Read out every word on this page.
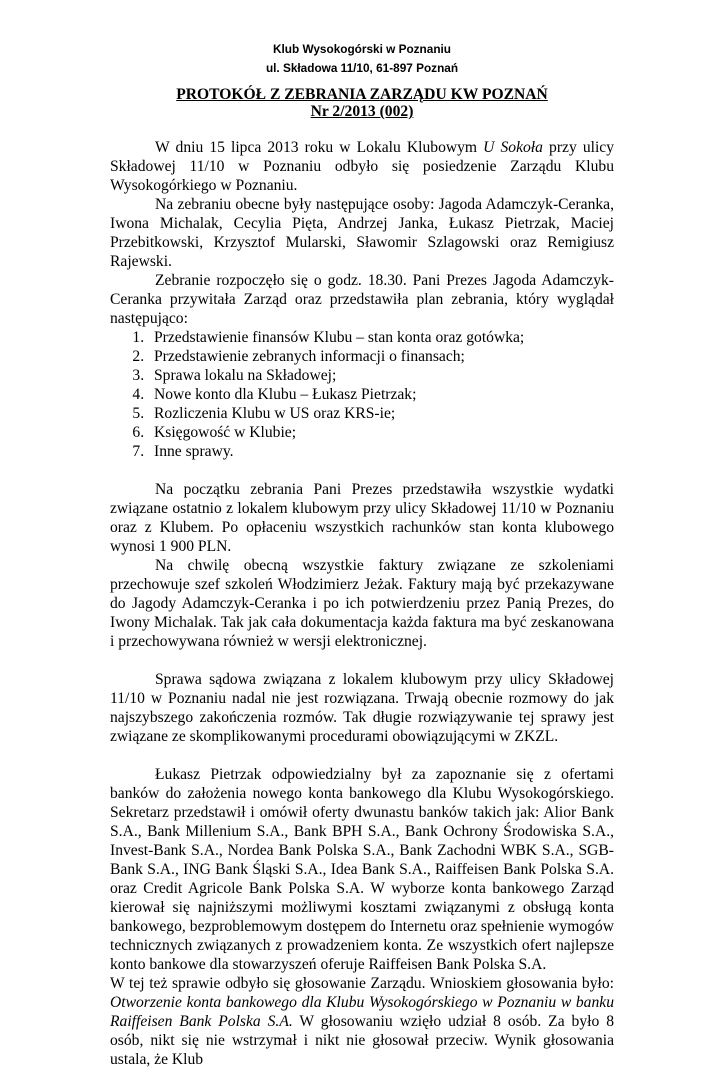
Klub Wysokogórski w Poznaniu
ul. Składowa 11/10, 61-897 Poznań
PROTOKÓŁ Z ZEBRANIA ZARZĄDU KW POZNAŃ
Nr 2/2013 (002)

W dniu 15 lipca 2013 roku w Lokalu Klubowym U Sokoła przy ulicy Składowej 11/10 w Poznaniu odbyło się posiedzenie Zarządu Klubu Wysokogórkiego w Poznaniu.

Na zebraniu obecne były następujące osoby: Jagoda Adamczyk-Ceranka, Iwona Michalak, Cecylia Pięta, Andrzej Janka, Łukasz Pietrzak, Maciej Przebitkowski, Krzysztof Mularski, Sławomir Szlagowski oraz Remigiusz Rajewski.

Zebranie rozpoczęło się o godz. 18.30. Pani Prezes Jagoda Adamczyk-Ceranka przywitała Zarząd oraz przedstawiła plan zebrania, który wyglądał następująco:

1. Przedstawienie finansów Klubu – stan konta oraz gotówka;
2. Przedstawienie zebranych informacji o finansach;
3. Sprawa lokalu na Składowej;
4. Nowe konto dla Klubu – Łukasz Pietrzak;
5. Rozliczenia Klubu w US oraz KRS-ie;
6. Księgowość w Klubie;
7. Inne sprawy.

Na początku zebrania Pani Prezes przedstawiła wszystkie wydatki związane ostatnio z lokalem klubowym przy ulicy Składowej 11/10 w Poznaniu oraz z Klubem. Po opłaceniu wszystkich rachunków stan konta klubowego wynosi 1 900 PLN.

Na chwilę obecną wszystkie faktury związane ze szkoleniami przechowuje szef szkoleń Włodzimierz Jeżak. Faktury mają być przekazywane do Jagody Adamczyk-Ceranka i po ich potwierdzeniu przez Panią Prezes, do Iwony Michalak. Tak jak cała dokumentacja każda faktura ma być zeskanowana i przechowywana również w wersji elektronicznej.

Sprawa sądowa związana z lokalem klubowym przy ulicy Składowej 11/10 w Poznaniu nadal nie jest rozwiązana. Trwają obecnie rozmowy do jak najszybszego zakończenia rozmów. Tak długie rozwiązywanie tej sprawy jest związane ze skomplikowanymi procedurami obowiązującymi w ZKZL.

Łukasz Pietrzak odpowiedzialny był za zapoznanie się z ofertami banków do założenia nowego konta bankowego dla Klubu Wysokogórskiego. Sekretarz przedstawił i omówił oferty dwunastu banków takich jak: Alior Bank S.A., Bank Millenium S.A., Bank BPH S.A., Bank Ochrony Środowiska S.A., Invest-Bank S.A., Nordea Bank Polska S.A., Bank Zachodni WBK S.A., SGB-Bank S.A., ING Bank Śląski S.A., Idea Bank S.A., Raiffeisen Bank Polska S.A. oraz Credit Agricole Bank Polska S.A. W wyborze konta bankowego Zarząd kierował się najniższymi możliwymi kosztami związanymi z obsługą konta bankowego, bezproblemowym dostępem do Internetu oraz spełnienie wymogów technicznych związanych z prowadzeniem konta. Ze wszystkich ofert najlepsze konto bankowe dla stowarzyszeń oferuje Raiffeisen Bank Polska S.A.

W tej też sprawie odbyło się głosowanie Zarządu. Wnioskiem głosowania było: Otworzenie konta bankowego dla Klubu Wysokogórskiego w Poznaniu w banku Raiffeisen Bank Polska S.A. W głosowaniu wzięło udział 8 osób. Za było 8 osób, nikt się nie wstrzymał i nikt nie głosował przeciw. Wynik głosowania ustala, że Klub
